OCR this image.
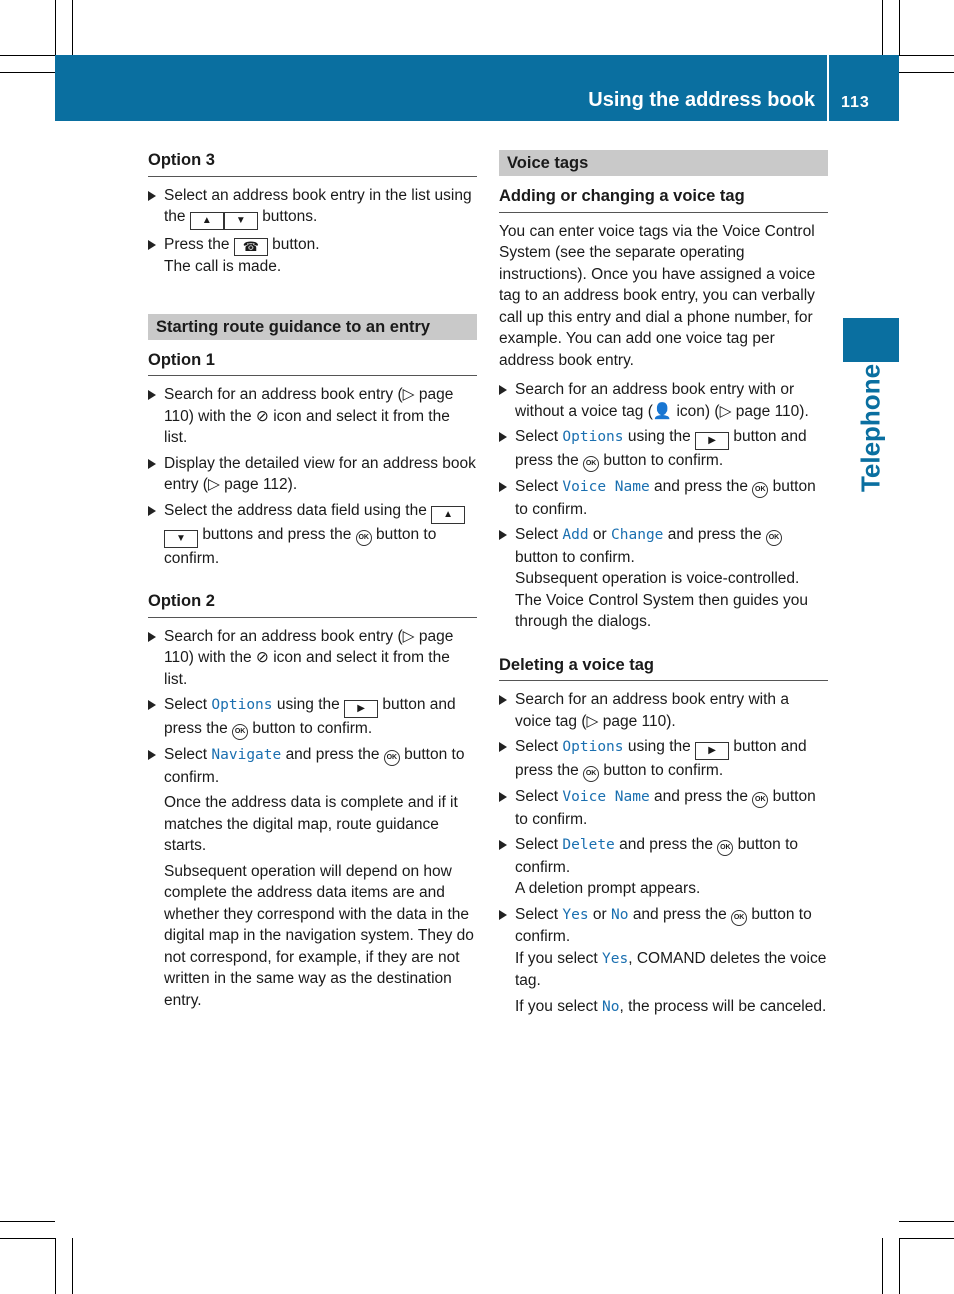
Using the address book 113
Telephone
Option 3
Select an address book entry in the list using the ▲ ▼ buttons.
Press the ☎ button.
The call is made.
Starting route guidance to an entry
Option 1
Search for an address book entry (▷ page 110) with the ⊘ icon and select it from the list.
Display the detailed view for an address book entry (▷ page 112).
Select the address data field using the ▲▼ buttons and press the OK button to confirm.
Option 2
Search for an address book entry (▷ page 110) with the ⊘ icon and select it from the list.
Select Options using the ▶ button and press the OK button to confirm.
Select Navigate and press the OK button to confirm.
Once the address data is complete and if it matches the digital map, route guidance starts.
Subsequent operation will depend on how complete the address data items are and whether they correspond with the data in the digital map in the navigation system. They do not correspond, for example, if they are not written in the same way as the destination entry.
Voice tags
Adding or changing a voice tag
You can enter voice tags via the Voice Control System (see the separate operating instructions). Once you have assigned a voice tag to an address book entry, you can verbally call up this entry and dial a phone number, for example. You can add one voice tag per address book entry.
Search for an address book entry with or without a voice tag (👤 icon) (▷ page 110).
Select Options using the ▶ button and press the OK button to confirm.
Select Voice Name and press the OK button to confirm.
Select Add or Change and press the OK button to confirm.
Subsequent operation is voice-controlled. The Voice Control System then guides you through the dialogs.
Deleting a voice tag
Search for an address book entry with a voice tag (▷ page 110).
Select Options using the ▶ button and press the OK button to confirm.
Select Voice Name and press the OK button to confirm.
Select Delete and press the OK button to confirm.
A deletion prompt appears.
Select Yes or No and press the OK button to confirm.
If you select Yes, COMAND deletes the voice tag.
If you select No, the process will be canceled.
